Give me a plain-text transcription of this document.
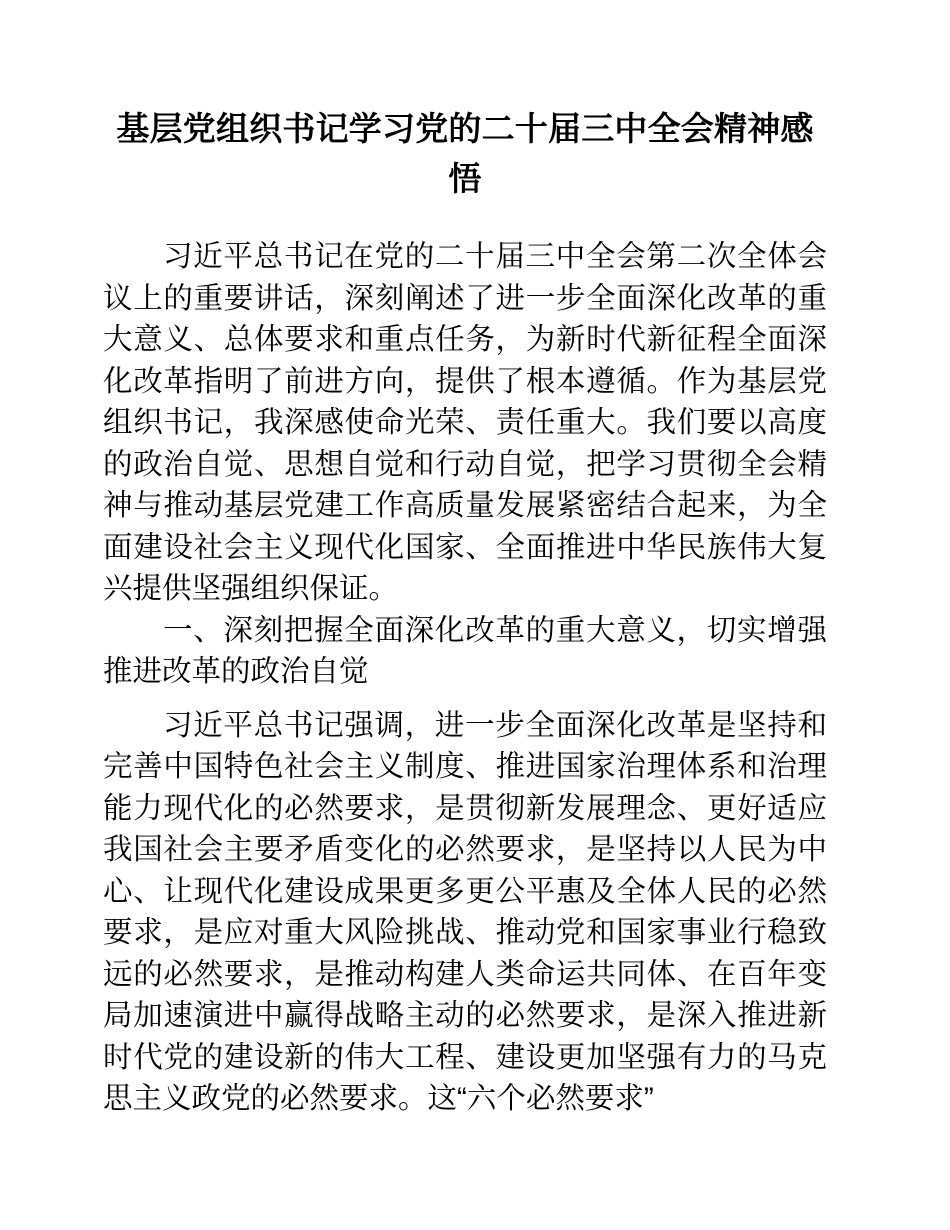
基层党组织书记学习党的二十届三中全会精神感悟

习近平总书记在党的二十届三中全会第二次全体会议上的重要讲话，深刻阐述了进一步全面深化改革的重大意义、总体要求和重点任务，为新时代新征程全面深化改革指明了前进方向，提供了根本遵循。作为基层党组织书记，我深感使命光荣、责任重大。我们要以高度的政治自觉、思想自觉和行动自觉，把学习贯彻全会精神与推动基层党建工作高质量发展紧密结合起来，为全面建设社会主义现代化国家、全面推进中华民族伟大复兴提供坚强组织保证。

一、深刻把握全面深化改革的重大意义，切实增强推进改革的政治自觉

习近平总书记强调，进一步全面深化改革是坚持和完善中国特色社会主义制度、推进国家治理体系和治理能力现代化的必然要求，是贯彻新发展理念、更好适应我国社会主要矛盾变化的必然要求，是坚持以人民为中心、让现代化建设成果更多更公平惠及全体人民的必然要求，是应对重大风险挑战、推动党和国家事业行稳致远的必然要求，是推动构建人类命运共同体、在百年变局加速演进中赢得战略主动的必然要求，是深入推进新时代党的建设新的伟大工程、建设更加坚强有力的马克思主义政党的必然要求。这“六个必然要求”
